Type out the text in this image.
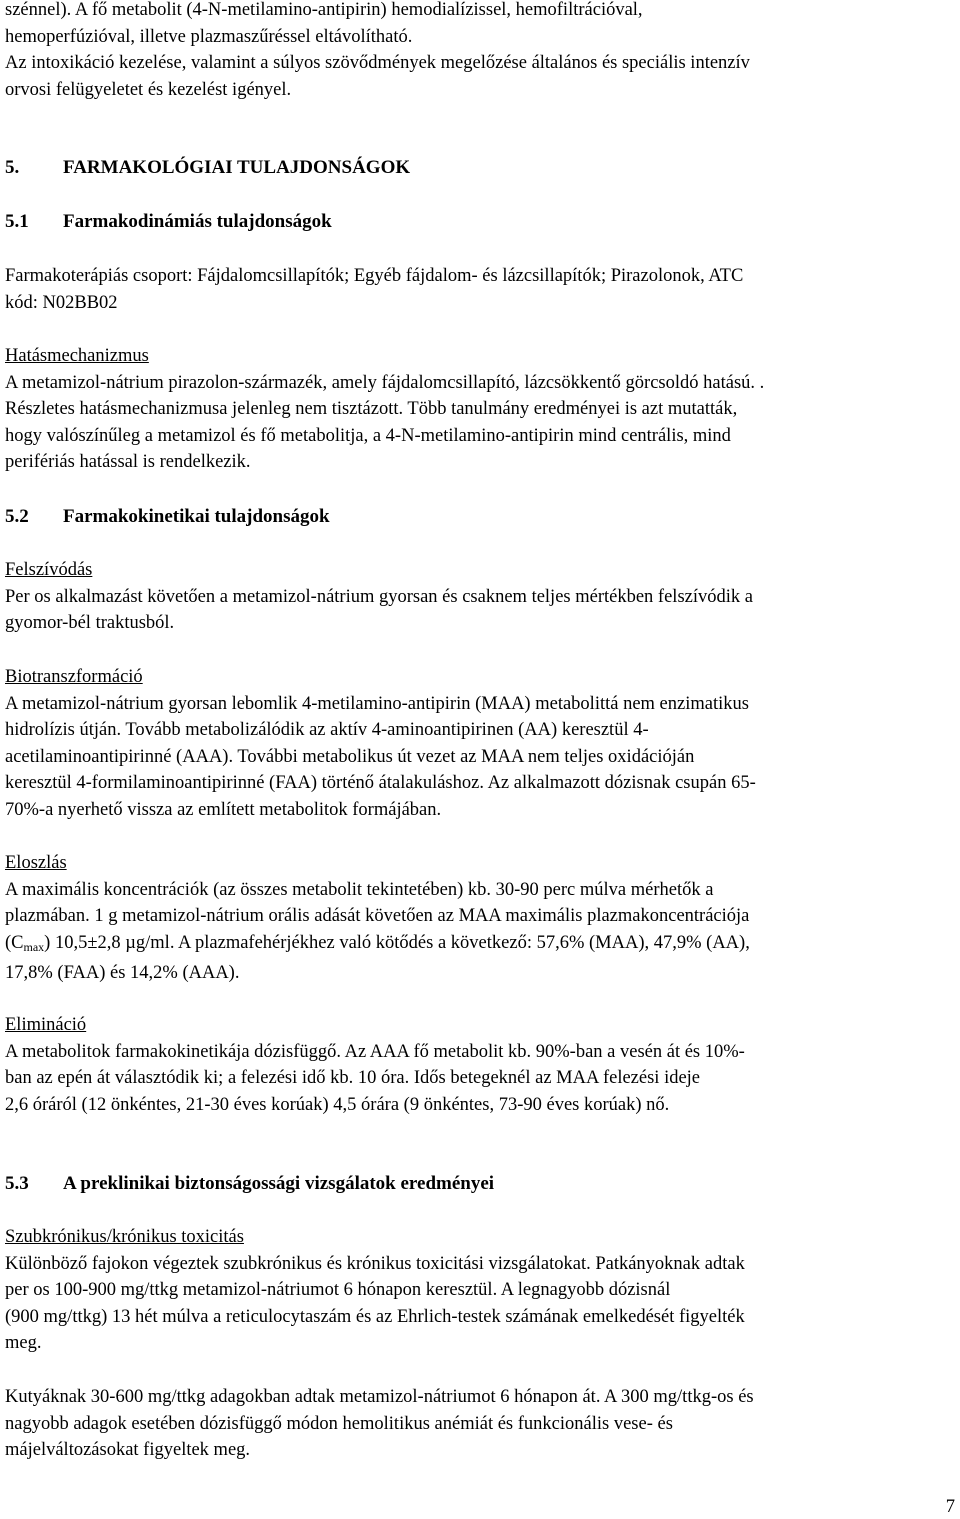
szénnel). A fő metabolit (4-N-metilamino-antipirin) hemodialízissel, hemofiltrációval,
hemoperfúzióval, illetve plazmaszűréssel eltávolítható.
Az intoxikáció kezelése, valamint a súlyos szövődmények megelőzése általános és speciális intenzív
orvosi felügyeletet és kezelést igényel.
5. FARMAKOLÓGIAI TULAJDONSÁGOK
5.1 Farmakodinámiás tulajdonságok
Farmakoterápiás csoport: Fájdalomcsillapítók; Egyéb fájdalom- és lázcsillapítók; Pirazolonok, ATC
kód: N02BB02
Hatásmechanizmus
A metamizol-nátrium pirazolon-származék, amely fájdalomcsillapító, lázcsökkentő görcsoldó hatású. .
Részletes hatásmechanizmusa jelenleg nem tisztázott. Több tanulmány eredményei is azt mutatták,
hogy valószínűleg a metamizol és fő metabolitja, a 4-N-metilamino-antipirin mind centrális, mind
perifériás hatással is rendelkezik.
5.2 Farmakokinetikai tulajdonságok
Felszívódás
Per os alkalmazást követően a metamizol-nátrium gyorsan és csaknem teljes mértékben felszívódik a
gyomor-bél traktusból.
Biotranszformáció
A metamizol-nátrium gyorsan lebomlik 4-metilamino-antipirin (MAA) metabolittá nem enzimatikus
hidrolízis útján. Tovább metabolizálódik az aktív 4-aminoantipirinen (AA) keresztül 4-
acetilaminoantipirinné (AAA). További metabolikus út vezet az MAA nem teljes oxidációján
keresztül 4-formilaminoantipirinné (FAA) történő átalakuláshoz. Az alkalmazott dózisnak csupán 65-
70%-a nyerhető vissza az említett metabolitok formájában.
Eloszlás
A maximális koncentrációk (az összes metabolit tekintetében) kb. 30-90 perc múlva mérhetők a
plazmában. 1 g metamizol-nátrium orális adását követően az MAA maximális plazmakoncentrációja
$(C_{max})$ 10,5±2,8 µg/ml. A plazmafehérjékhez való kötődés a következő: 57,6% (MAA), 47,9% (AA),
17,8% (FAA) és 14,2% (AAA).
Elimináció
A metabolitok farmakokinetikája dózisfüggő. Az AAA fő metabolit kb. 90%-ban a vesén át és 10%-
ban az epén át választódik ki; a felezési idő kb. 10 óra. Idős betegeknél az MAA felezési ideje
2,6 óráról (12 önkéntes, 21-30 éves korúak) 4,5 órára (9 önkéntes, 73-90 éves korúak) nő.
5.3 A preklinikai biztonságossági vizsgálatok eredményei
Szubkrónikus/krónikus toxicitás
Különböző fajokon végeztek szubkrónikus és krónikus toxicitási vizsgálatokat. Patkányoknak adtak
per os 100-900 mg/ttkg metamizol-nátriumot 6 hónapon keresztül. A legnagyobb dózisnál
(900 mg/ttkg) 13 hét múlva a reticulocytaszám és az Ehrlich-testek számának emelkedését figyelték
meg.
Kutyáknak 30-600 mg/ttkg adagokban adtak metamizol-nátriumot 6 hónapon át. A 300 mg/ttkg-os és
nagyobb adagok esetében dózisfüggő módon hemolitikus anémiát és funkcionális vese- és
májelváltozásokat figyeltek meg.
7
